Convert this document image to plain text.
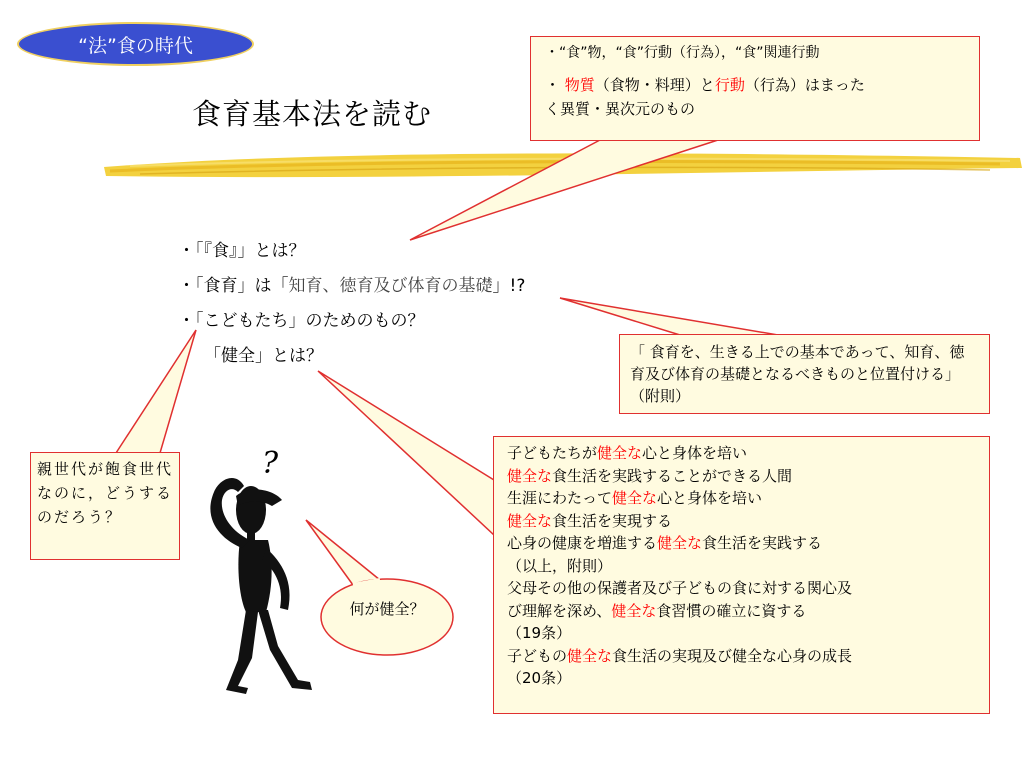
“法”食の時代
食育基本法を読む
・“食”物，“食”行動（行為），“食”関連行動
・ 物質（食物・料理）と行動（行為）はまった
く異質・異次元のもの
・「『食』」とは？
・「食育」は「知育、徳育及び体育の基礎」!?
・「こどもたち」のためのもの？
「健全」とは？	「 食育を、生きる上での基本であって、知育、徳育及び体育の基礎となるべきものと位置付ける」（附則）
親世代が飽食世代なのに，どうするのだろう？
何が健全？
?	子どもたちが健全な心と身体を培い
健全な食生活を実践することができる人間
生涯にわたって健全な心と身体を培い
健全な食生活を実現する
心身の健康を増進する健全な食生活を実践する
（以上，附則）
父母その他の保護者及び子どもの食に対する関心及
び理解を深め、健全な食習慣の確立に資する
（19条）
子どもの健全な食生活の実現及び健全な心身の成長
（20条）
